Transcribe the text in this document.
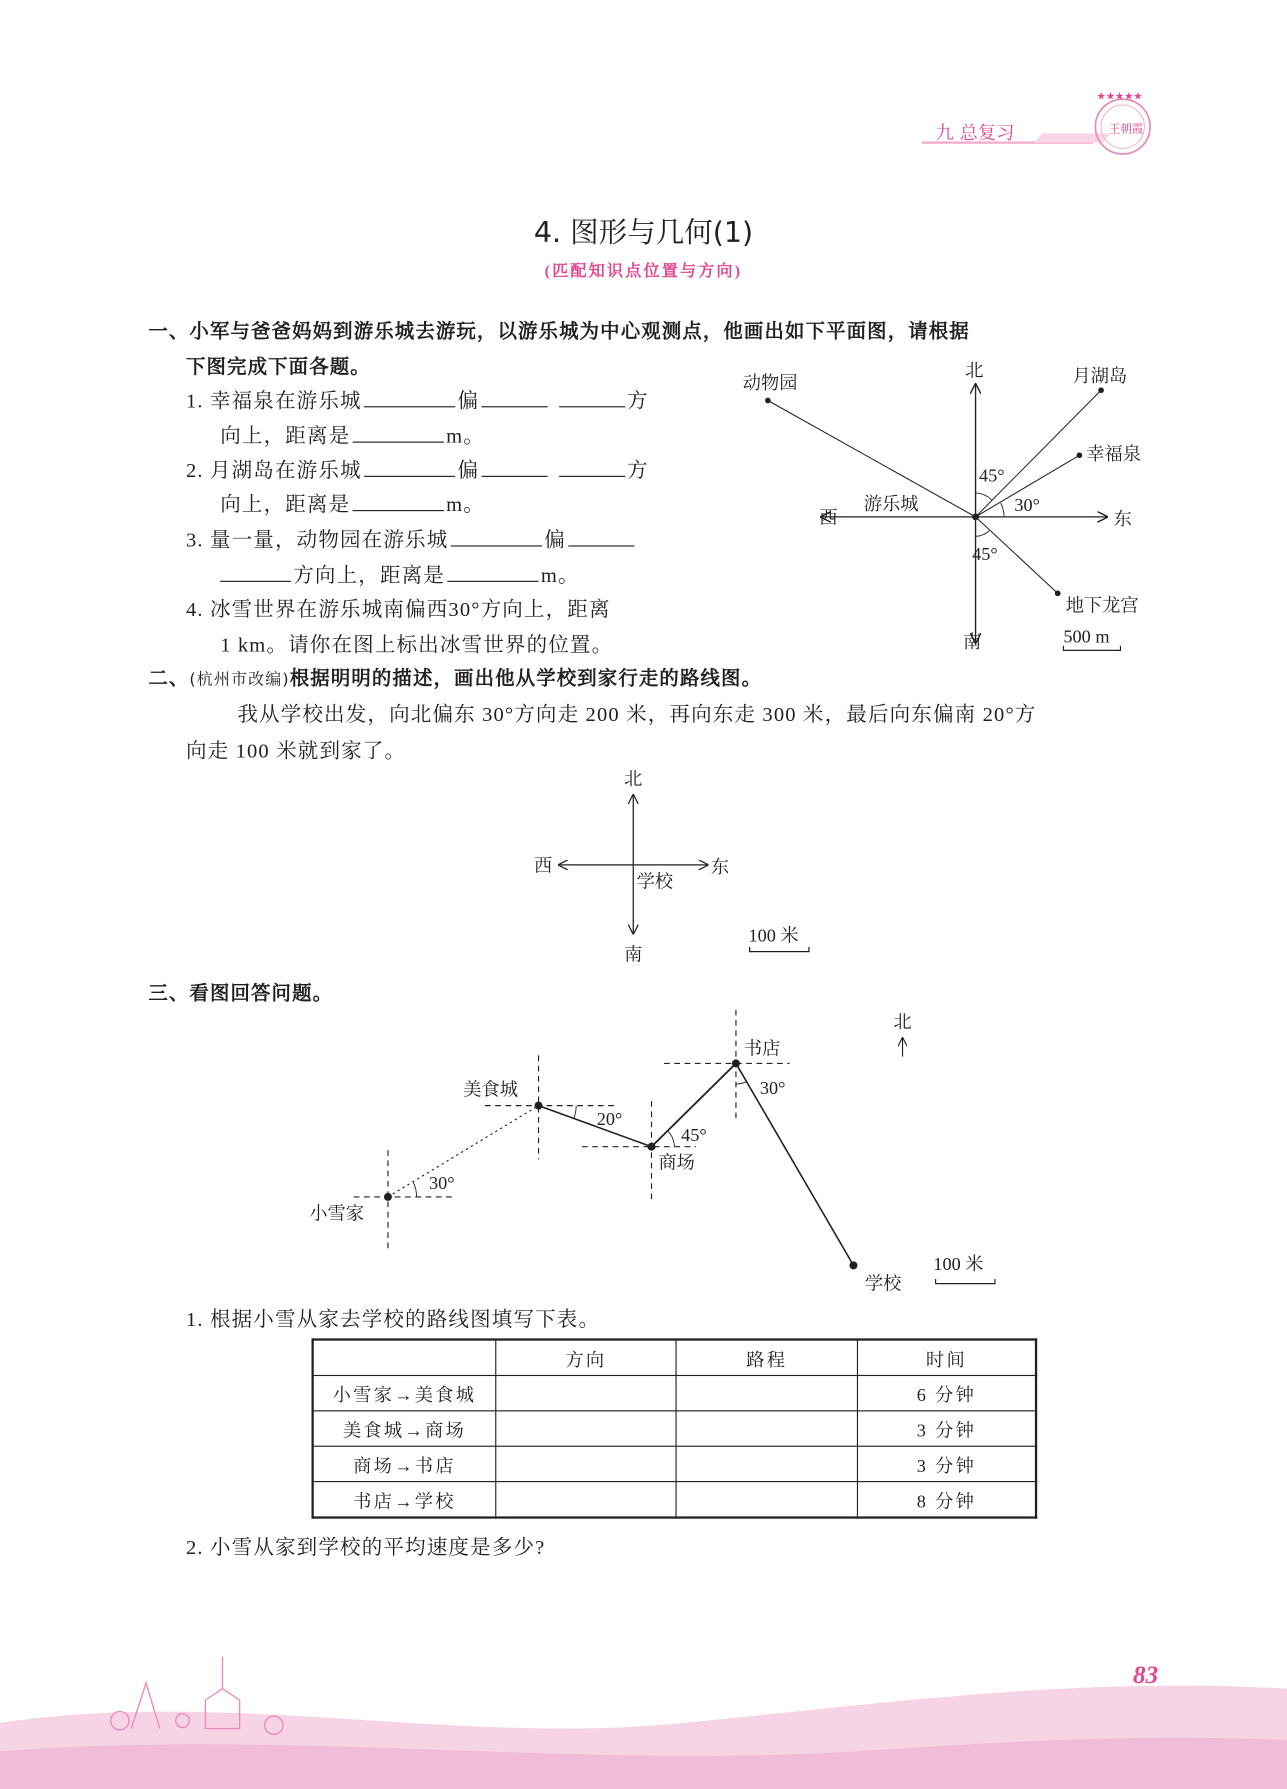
九 总复习
★★★★★
王朝霞
4. 图形与几何(1)
(匹配知识点位置与方向)
一、小军与爸爸妈妈到游乐城去游玩，以游乐城为中心观测点，他画出如下平面图，请根据
下图完成下面各题。
1. 幸福泉在游乐城	偏	方
向上，距离是	m。
2. 月湖岛在游乐城	偏	方
向上，距离是	m。
3. 量一量，动物园在游乐城	偏
方向上，距离是	m。
4. 冰雪世界在游乐城南偏西30°方向上，距离
1 km。请你在图上标出冰雪世界的位置。
北
南
西	东
游乐城
动物园	月湖岛
幸福泉
地下龙宫
45°
30°
45°
500 m
二、(杭州市改编)根据明明的描述，画出他从学校到家行走的路线图。
我从学校出发，向北偏东 30°方向走 200 米，再向东走 300 米，最后向东偏南 20°方
向走 100 米就到家了。
北
南
西	东
学校
100 米
三、看图回答问题。
小雪家
美食城
商场
书店
学校
北
30°
20°
45°
30°
100 米
1. 根据小雪从家去学校的路线图填写下表。
	方向	路程	时间
小雪家→美食城			6 分钟
美食城→商场			3 分钟
商场→书店			3 分钟
书店→学校			8 分钟
2. 小雪从家到学校的平均速度是多少?
83
